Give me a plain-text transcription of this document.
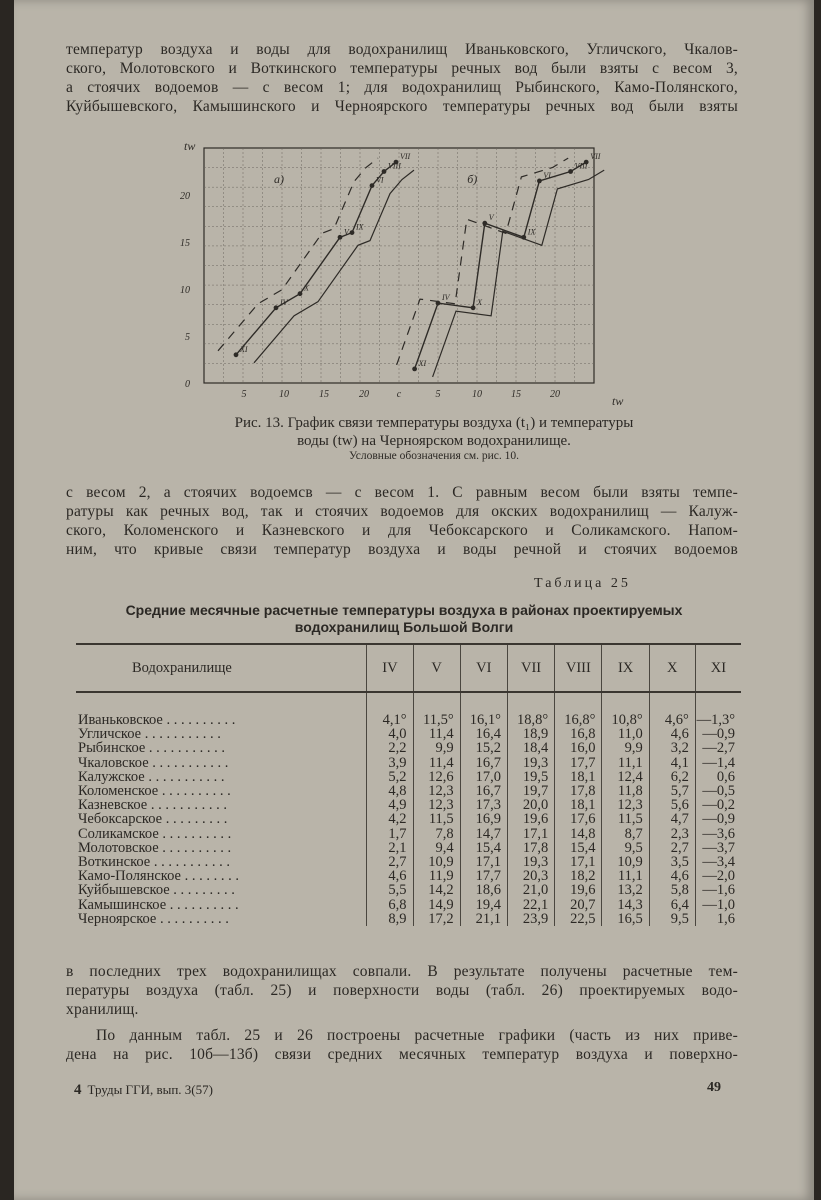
температур воздуха и воды для водохранилищ Иваньковского, Угличского, Чкалов-
ского, Молотовского и Воткинского температуры речных вод были взяты с весом 3,
а стоячих водоемов — с весом 1; для водохранилищ Рыбинского, Камо-Полянского,
Куйбышевского, Камышинского и Черноярского температуры речных вод были взяты
tw
0
5
10
15
20
tw
a)
5	10	15	20
XI
IV
X
V
IX
VI
VIII
VII
б)
c	5	10	15	20
XI
IV
X
V
IX
VI
VIII
VII
Рис. 13. График связи температуры воздуха (t₁) и температуры
воды (tw) на Черноярском водохранилище.
Условные обозначения см. рис. 10.
с весом 2, а стоячих водоемсв — с весом 1. С равным весом были взяты темпе-
ратуры как речных вод, так и стоячих водоемов для окских водохранилищ — Калуж-
ского, Коломенского и Казневского и для Чебоксарского и Соликамского. Напом-
ним, что кривые связи температур воздуха и воды речной и стоячих водоемов
Таблица 25
Средние месячные расчетные температуры воздуха в районах проектируемых
водохранилищ Большой Волги
Водохранилище	IV	V	VI	VII	VIII	IX	X	XI

Иваньковское . . . . . . . . . .	4,1°	11,5°	16,1°	18,8°	16,8°	10,8°	4,6°	—1,3°
Угличское . . . . . . . . . . .	4,0	11,4	16,4	18,9	16,8	11,0	4,6	—0,9
Рыбинское . . . . . . . . . . .	2,2	9,9	15,2	18,4	16,0	9,9	3,2	—2,7
Чкаловское . . . . . . . . . . .	3,9	11,4	16,7	19,3	17,7	11,1	4,1	—1,4
Калужское . . . . . . . . . . .	5,2	12,6	17,0	19,5	18,1	12,4	6,2	0,6
Коломенское . . . . . . . . . .	4,8	12,3	16,7	19,7	17,8	11,8	5,7	—0,5
Казневское . . . . . . . . . . .	4,9	12,3	17,3	20,0	18,1	12,3	5,6	—0,2
Чебоксарское . . . . . . . . .	4,2	11,5	16,9	19,6	17,6	11,5	4,7	—0,9
Соликамское . . . . . . . . . .	1,7	7,8	14,7	17,1	14,8	8,7	2,3	—3,6
Молотовское . . . . . . . . . .	2,1	9,4	15,4	17,8	15,4	9,5	2,7	—3,7
Воткинское . . . . . . . . . . .	2,7	10,9	17,1	19,3	17,1	10,9	3,5	—3,4
Камо-Полянское . . . . . . . .	4,6	11,9	17,7	20,3	18,2	11,1	4,6	—2,0
Куйбышевское . . . . . . . . .	5,5	14,2	18,6	21,0	19,6	13,2	5,8	—1,6
Камышинское . . . . . . . . . .	6,8	14,9	19,4	22,1	20,7	14,3	6,4	—1,0
Черноярское . . . . . . . . . .	8,9	17,2	21,1	23,9	22,5	16,5	9,5	1,6
в последних трех водохранилищах совпали. В результате получены расчетные тем-
пературы воздуха (табл. 25) и поверхности воды (табл. 26) проектируемых водо-
хранилищ.
По данным табл. 25 и 26 построены расчетные графики (часть из них приве-
дена на рис. 10б—13б) связи средних месячных температур воздуха и поверхно-
4 Труды ГГИ, вып. 3(57)	49
